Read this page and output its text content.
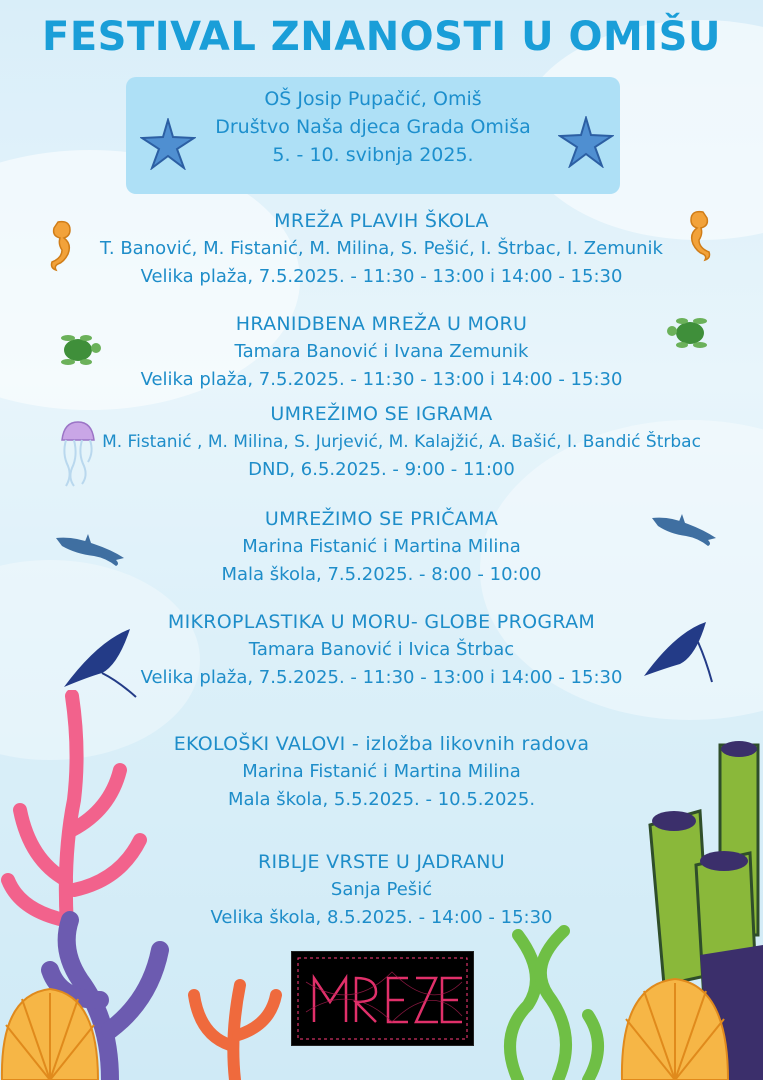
FESTIVAL ZNANOSTI U OMIŠU
OŠ Josip Pupačić, Omiš
Društvo Naša djeca Grada Omiša
5. - 10. svibnja 2025.
MREŽA PLAVIH ŠKOLA
T. Banović, M. Fistanić, M. Milina, S. Pešić, I. Štrbac, I. Zemunik
Velika plaža, 7.5.2025. - 11:30 - 13:00 i 14:00 - 15:30
HRANIDBENA MREŽA U MORU
Tamara Banović i Ivana Zemunik
Velika plaža, 7.5.2025. - 11:30 - 13:00 i 14:00 - 15:30
UMREŽIMO SE IGRAMA
M. Fistanić , M. Milina, S. Jurjević, M. Kalajžić, A. Bašić, I. Bandić Štrbac
DND, 6.5.2025. - 9:00 - 11:00
UMREŽIMO SE PRIČAMA
Marina Fistanić i Martina Milina
Mala škola, 7.5.2025. - 8:00 - 10:00
MIKROPLASTIKA U MORU- GLOBE PROGRAM
Tamara Banović i Ivica Štrbac
Velika plaža, 7.5.2025. - 11:30 - 13:00 i 14:00 - 15:30
EKOLOŠKI VALOVI - izložba likovnih radova
Marina Fistanić i Martina Milina
Mala škola, 5.5.2025. - 10.5.2025.
RIBLJE VRSTE U JADRANU
Sanja Pešić
Velika škola, 8.5.2025. - 14:00 - 15:30
